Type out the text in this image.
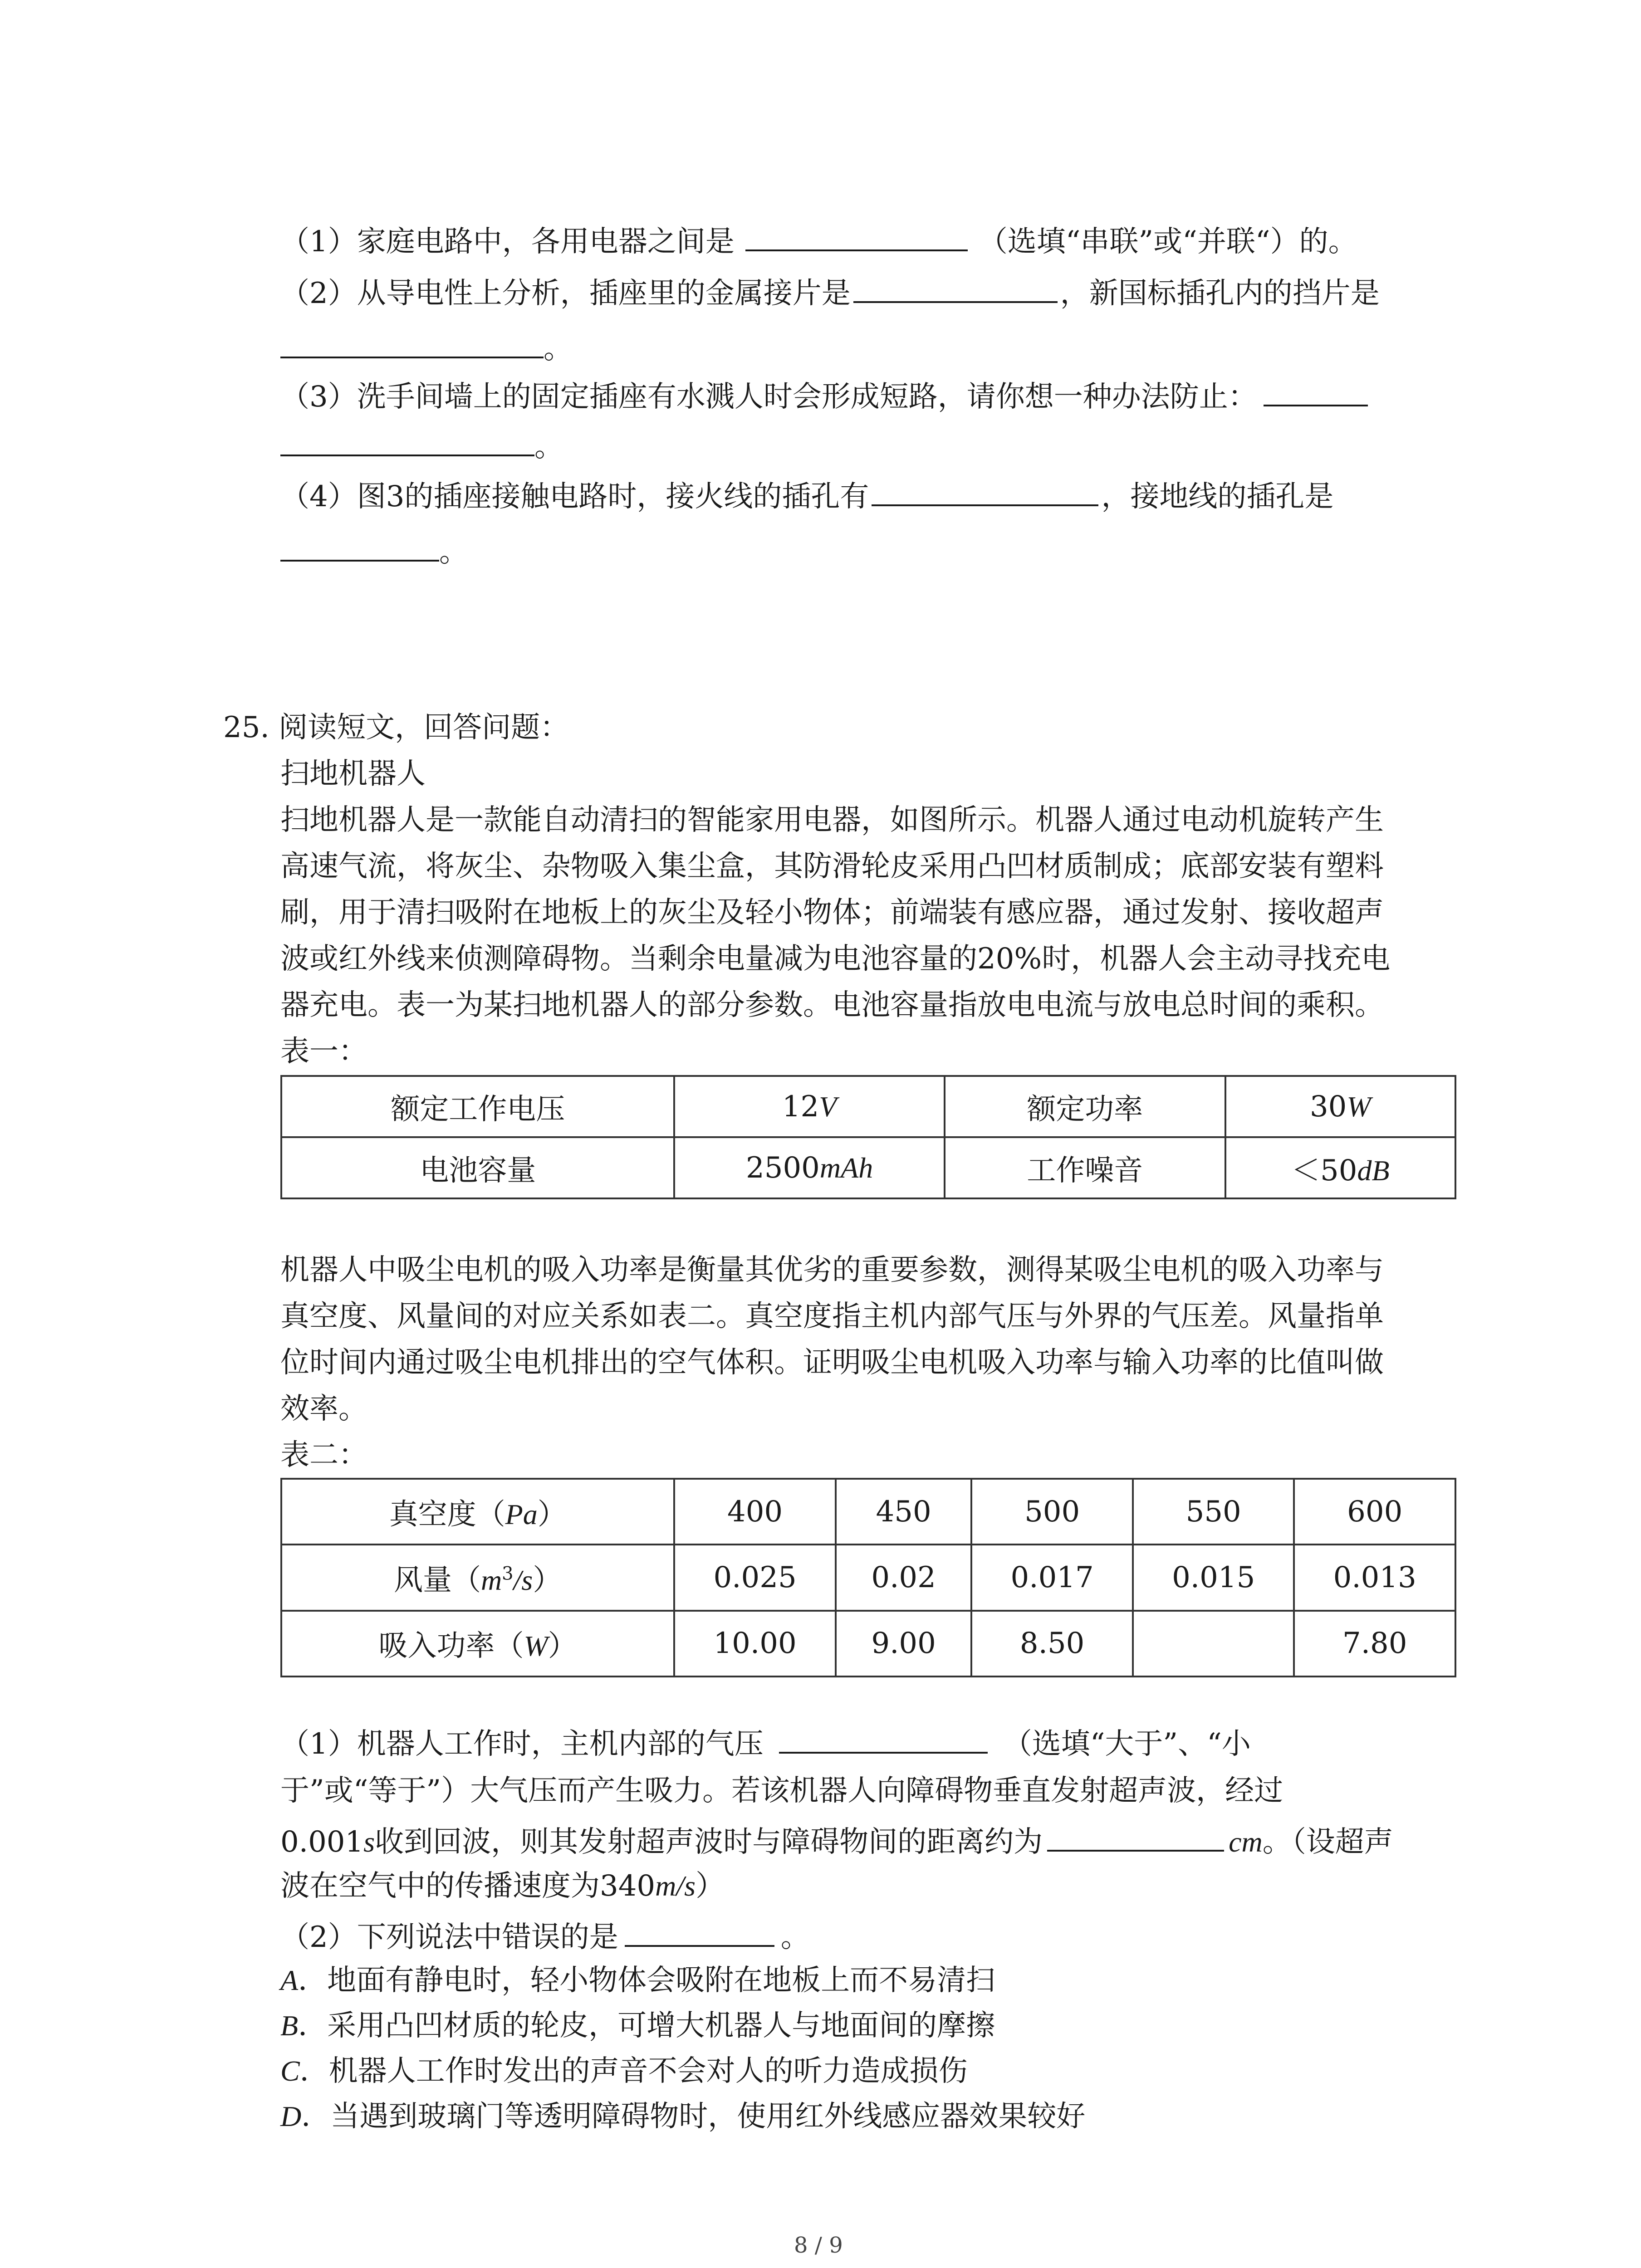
（1）家庭电路中，各用电器之间是	（选填“串联”或“并联“）的。
（2）从导电性上分析，插座里的金属接片是	，新国标插孔内的挡片是
。
（3）洗手间墙上的固定插座有水溅人时会形成短路，请你想一种办法防止：
。
（4）图3的插座接触电路时，接火线的插孔有	，接地线的插孔是
。
25. 阅读短文，回答问题：
扫地机器人
扫地机器人是一款能自动清扫的智能家用电器，如图所示。机器人通过电动机旋转产生
高速气流，将灰尘、杂物吸入集尘盒，其防滑轮皮采用凸凹材质制成；底部安装有塑料
刷，用于清扫吸附在地板上的灰尘及轻小物体；前端装有感应器，通过发射、接收超声
波或红外线来侦测障碍物。当剩余电量减为电池容量的20%时，机器人会主动寻找充电
器充电。表一为某扫地机器人的部分参数。电池容量指放电电流与放电总时间的乘积。
表一：
额定工作电压	12V	额定功率	30W
电池容量	2500mAh	工作噪音	＜50dB
机器人中吸尘电机的吸入功率是衡量其优劣的重要参数，测得某吸尘电机的吸入功率与
真空度、风量间的对应关系如表二。真空度指主机内部气压与外界的气压差。风量指单
位时间内通过吸尘电机排出的空气体积。证明吸尘电机吸入功率与输入功率的比值叫做
效率。
表二：
真空度（Pa）	400	450	500	550	600
风量$(m^3/s)$	0.025	0.02	0.017	0.015	0.013
吸入功率（W）	10.00	9.00	8.50		7.80
（1）机器人工作时，主机内部的气压	（选填“大于”、“小
于”或“等于”）大气压而产生吸力。若该机器人向障碍物垂直发射超声波，经过
0.001s收到回波，则其发射超声波时与障碍物间的距离约为	cm。（设超声
波在空气中的传播速度为340m/s）
（2）下列说法中错误的是	。
A．地面有静电时，轻小物体会吸附在地板上而不易清扫
B．采用凸凹材质的轮皮，可增大机器人与地面间的摩擦
C．机器人工作时发出的声音不会对人的听力造成损伤
D．当遇到玻璃门等透明障碍物时，使用红外线感应器效果较好
8 / 9
